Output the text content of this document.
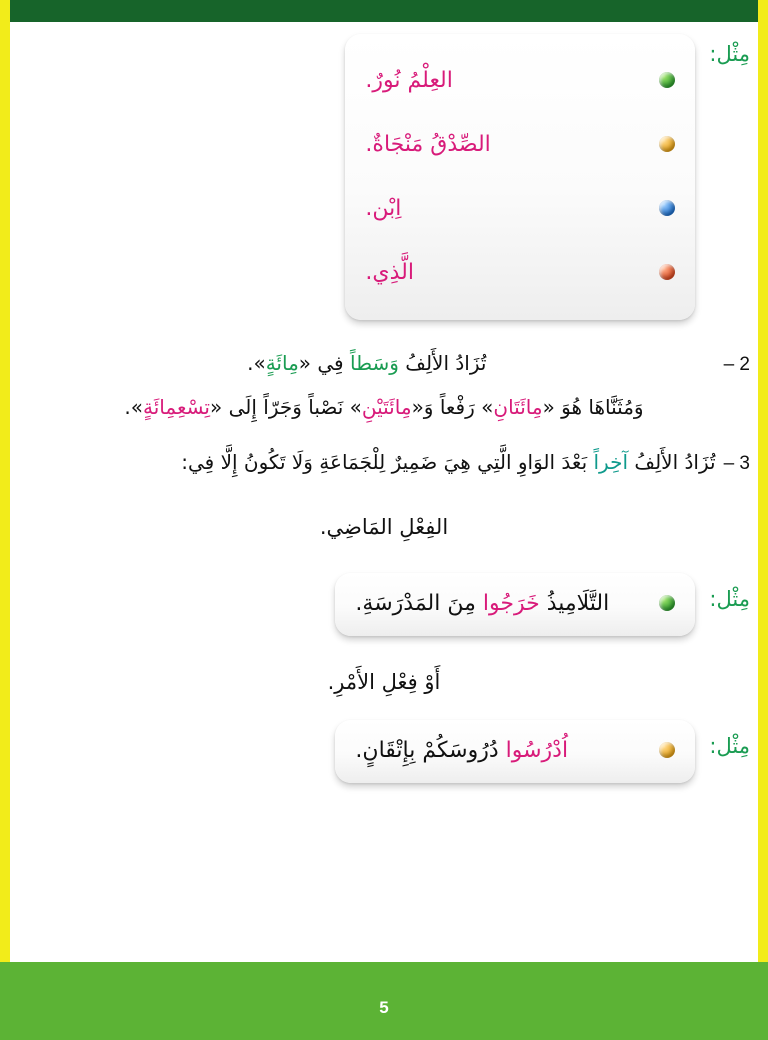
مِثْل:
العِلْمُ نُورٌ.
الصِّدْقُ مَنْجَاةٌ.
اِبْن.
الَّذِي.
2 –
تُزَادُ الأَلِفُ وَسَطاً فِي «مِائَةٍ».
وَمُثَنَّاهَا هُوَ «مِائَتَانِ» رَفْعاً وَ«مِائَتَيْنِ» نَصْباً وَجَرّاً إِلَى «تِسْعِمِائَةٍ».
3 –
تُزَادُ الأَلِفُ آخِراً بَعْدَ الوَاوِ الَّتِي هِيَ ضَمِيرٌ لِلْجَمَاعَةِ وَلَا تَكُونُ إِلَّا فِي:
الفِعْلِ المَاضِي.
مِثْل:
التَّلَامِيذُ خَرَجُوا مِنَ المَدْرَسَةِ.
أَوْ فِعْلِ الأَمْرِ.
مِثْل:
اُدْرُسُوا دُرُوسَكُمْ بِإِتْقَانٍ.
5
